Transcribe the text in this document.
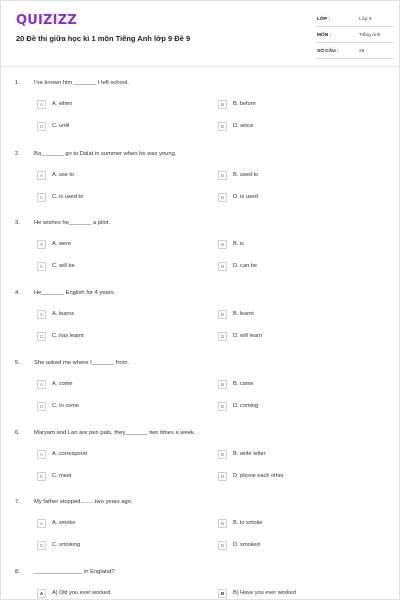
QUIZIZZ
20 Đề thi giữa học kì 1 môn Tiếng Anh lớp 9 Đề 9
LỚP :	Lớp 9
MÔN :	Tiếng Anh
SỐ CÂU :	25
1. I've known him _______ I left school.
A	A. when	B	B. before
C	C. until	D	D. since
2. Ba_______ go to Dalat in summer when he was young.
A	A. use to	B	B. used to
C	C. is used to	D	D. is used
3. He wishes he_______ a pilot.
A	A. were	B	B. is
C	C. will be	D	D. can be
4. He_______ English for 4 years.
A	A. learns	B	B. learnt
C	C. has learnt	D	D. will learn
5. She asked me where I_______ from.
A	A. come	B	B. came
C	C. to come	D	D. coming
6. Maryam and Lan are pen pals, they_______ two times a week.
A	A. correspond	B	B. write letter
C	C. meet	D	D. phone each other
7. My father stopped.........two years ago.
A	A. smoke	B	B. to smoke
C	C. smoking	D	D. smoked
8. _______________ in England?
A	A) Did you ever worked	B	B) Have you ever worked
